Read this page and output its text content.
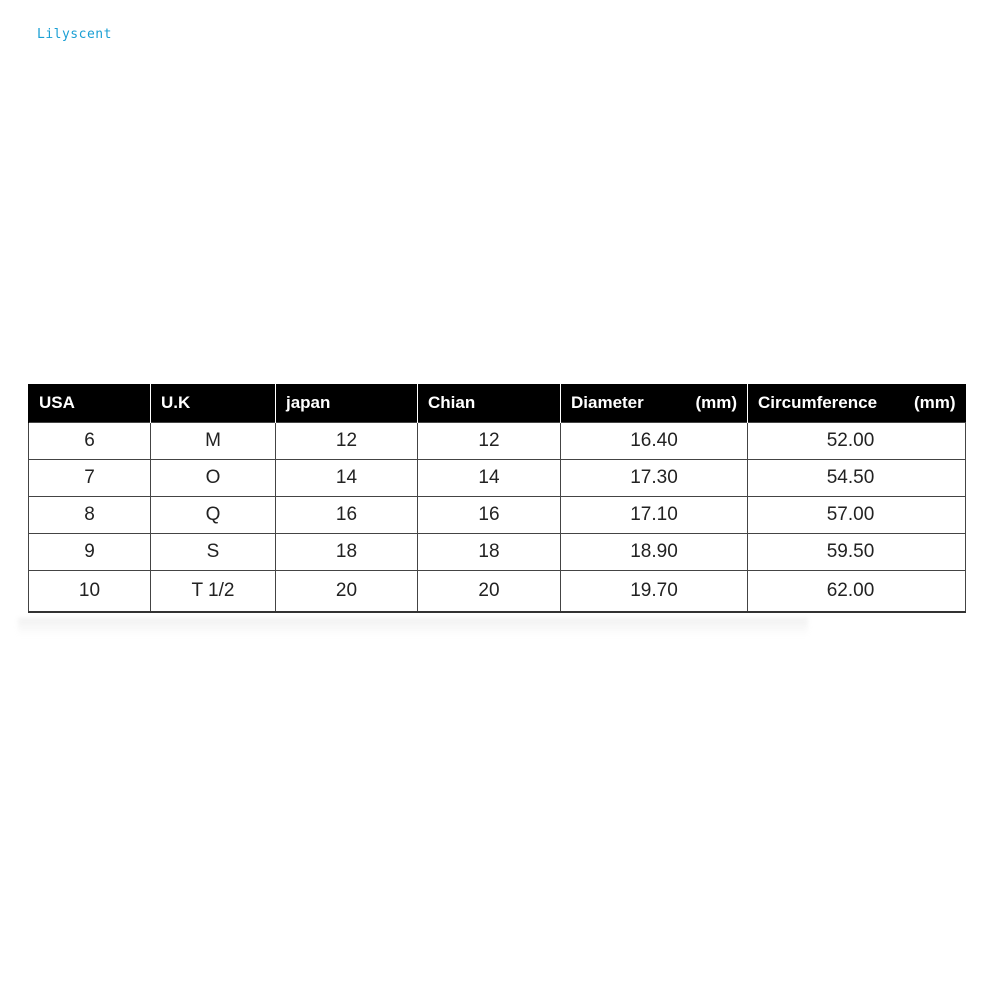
Lilyscent
USA	U.K	japan	Chian	Diameter (mm)	Circumference (mm)

6	M	12	12	16.40	52.00
7	O	14	14	17.30	54.50
8	Q	16	16	17.10	57.00
9	S	18	18	18.90	59.50
10	T 1/2	20	20	19.70	62.00
